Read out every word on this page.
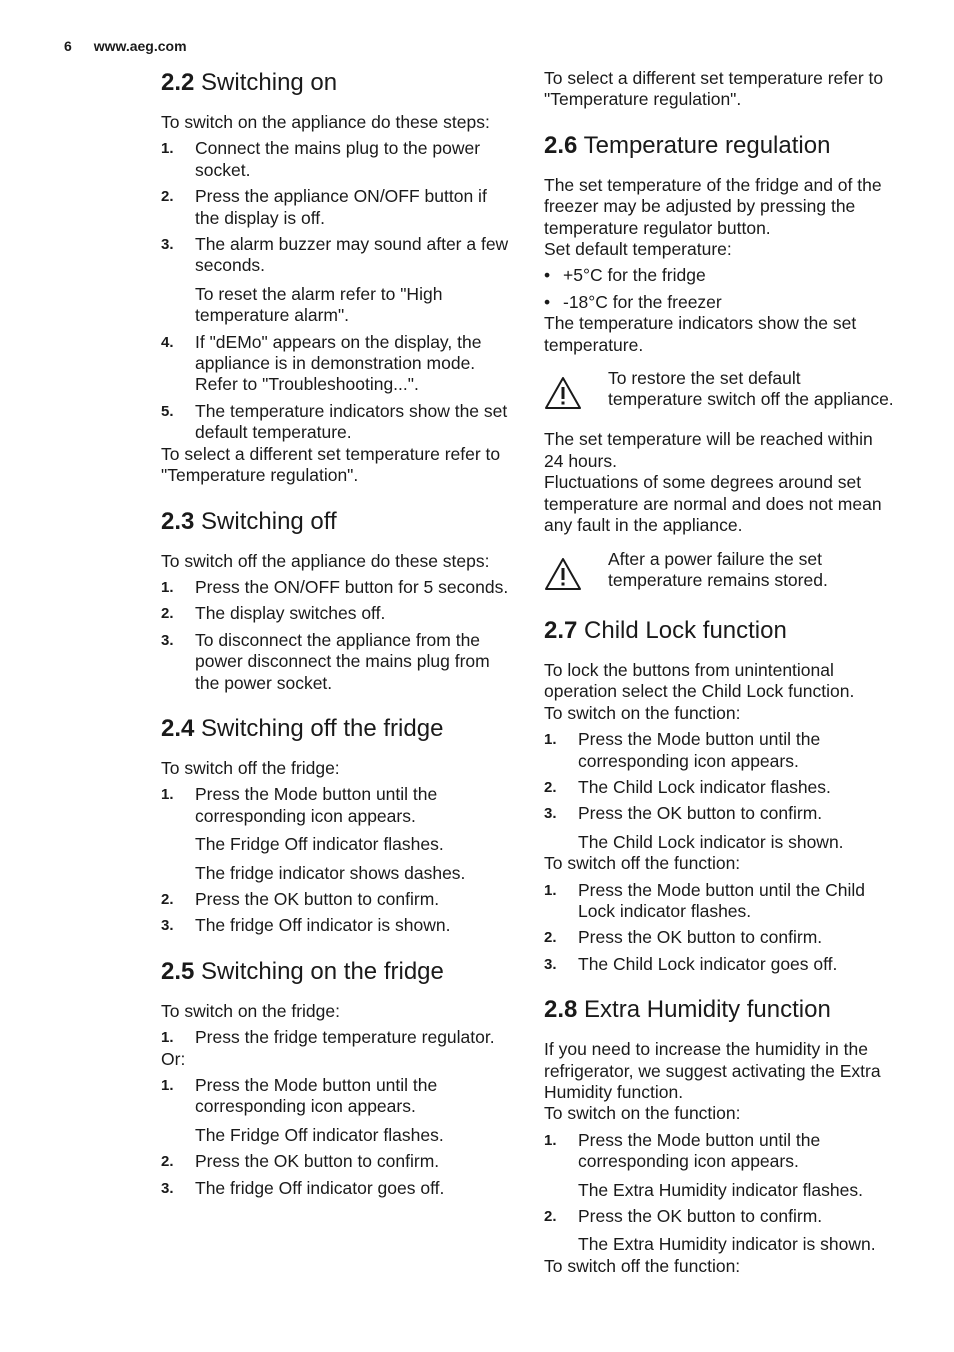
6 www.aeg.com
2.2 Switching on

To switch on the appliance do these steps:

1.	Connect the mains plug to the power socket.
2.	Press the appliance ON/OFF button if the display is off.
3.	The alarm buzzer may sound after a few seconds.

To reset the alarm refer to "High temperature alarm".

4.	If "dEMo" appears on the display, the appliance is in demonstration mode. Refer to "Troubleshooting...".
5.	The temperature indicators show the set default temperature.

To select a different set temperature refer to "Temperature regulation".

2.3 Switching off

To switch off the appliance do these steps:

1.	Press the ON/OFF button for 5 seconds.
2.	The display switches off.
3.	To disconnect the appliance from the power disconnect the mains plug from the power socket.
2.4 Switching off the fridge

To switch off the fridge:

1.	Press the Mode button until the corresponding icon appears.

The Fridge Off indicator flashes.

The fridge indicator shows dashes.

2.	Press the OK button to confirm.
3.	The fridge Off indicator is shown.
2.5 Switching on the fridge

To switch on the fridge:

1.	Press the fridge temperature regulator.

Or:

1.	Press the Mode button until the corresponding icon appears.

The Fridge Off indicator flashes.

2.	Press the OK button to confirm.
3.	The fridge Off indicator goes off.

To select a different set temperature refer to "Temperature regulation".

2.6 Temperature regulation

The set temperature of the fridge and of the freezer may be adjusted by pressing the temperature regulator button.

Set default temperature:

• +5°C for the fridge
• -18°C for the freezer

The temperature indicators show the set temperature.

To restore the set default temperature switch off the appliance.

The set temperature will be reached within 24 hours.

Fluctuations of some degrees around set temperature are normal and does not mean any fault in the appliance.

After a power failure the set temperature remains stored.
2.7 Child Lock function

To lock the buttons from unintentional operation select the Child Lock function.

To switch on the function:

1.	Press the Mode button until the corresponding icon appears.
2.	The Child Lock indicator flashes.
3.	Press the OK button to confirm.

The Child Lock indicator is shown.

To switch off the function:

1.	Press the Mode button until the Child Lock indicator flashes.
2.	Press the OK button to confirm.
3.	The Child Lock indicator goes off.
2.8 Extra Humidity function

If you need to increase the humidity in the refrigerator, we suggest activating the Extra Humidity function.

To switch on the function:

1.	Press the Mode button until the corresponding icon appears.

The Extra Humidity indicator flashes.

2.	Press the OK button to confirm.

The Extra Humidity indicator is shown.

To switch off the function:
